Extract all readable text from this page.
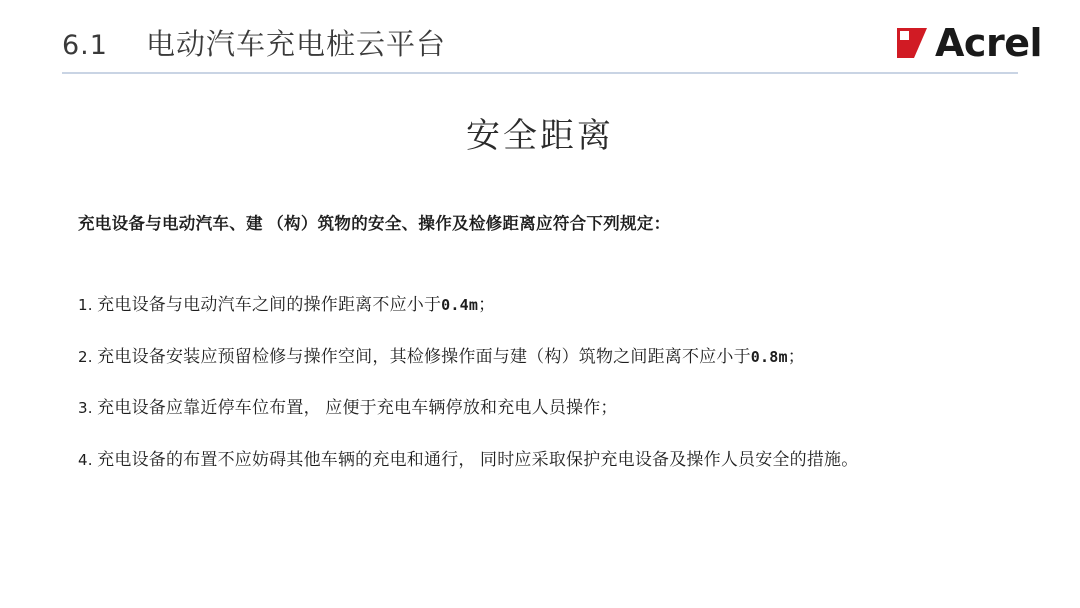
6.1 电动汽车充电桩云平台	Acrel
安全距离
充电设备与电动汽车、建 （构）筑物的安全、操作及检修距离应符合下列规定：
1. 充电设备与电动汽车之间的操作距离不应小于0.4m；
2. 充电设备安装应预留检修与操作空间，其检修操作面与建（构）筑物之间距离不应小于0.8m；
3. 充电设备应靠近停车位布置， 应便于充电车辆停放和充电人员操作；
4. 充电设备的布置不应妨碍其他车辆的充电和通行， 同时应采取保护充电设备及操作人员安全的措施。
